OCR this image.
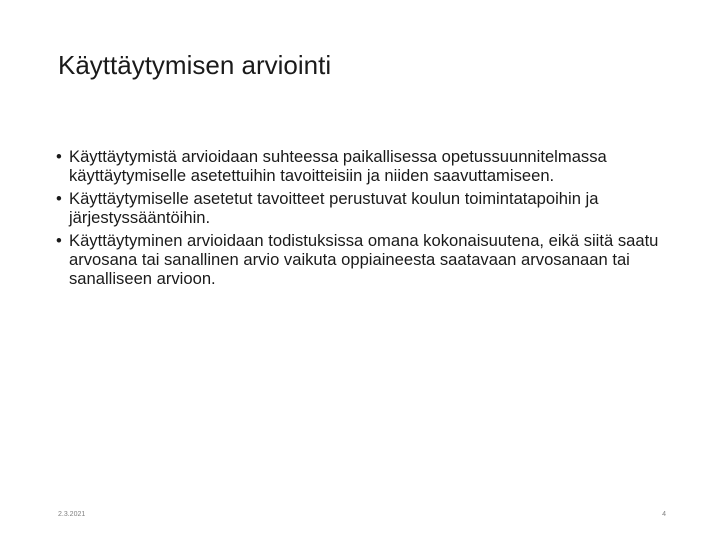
Käyttäytymisen arviointi
• Käyttäytymistä arvioidaan suhteessa paikallisessa opetussuunnitelmassa käyttäytymiselle asetettuihin tavoitteisiin ja niiden saavuttamiseen.
• Käyttäytymiselle asetetut tavoitteet perustuvat koulun toimintatapoihin ja järjestyssääntöihin.
• Käyttäytyminen arvioidaan todistuksissa omana kokonaisuutena, eikä siitä saatu arvosana tai sanallinen arvio vaikuta oppiaineesta saatavaan arvosanaan tai sanalliseen arvioon.
2.3.2021	4
